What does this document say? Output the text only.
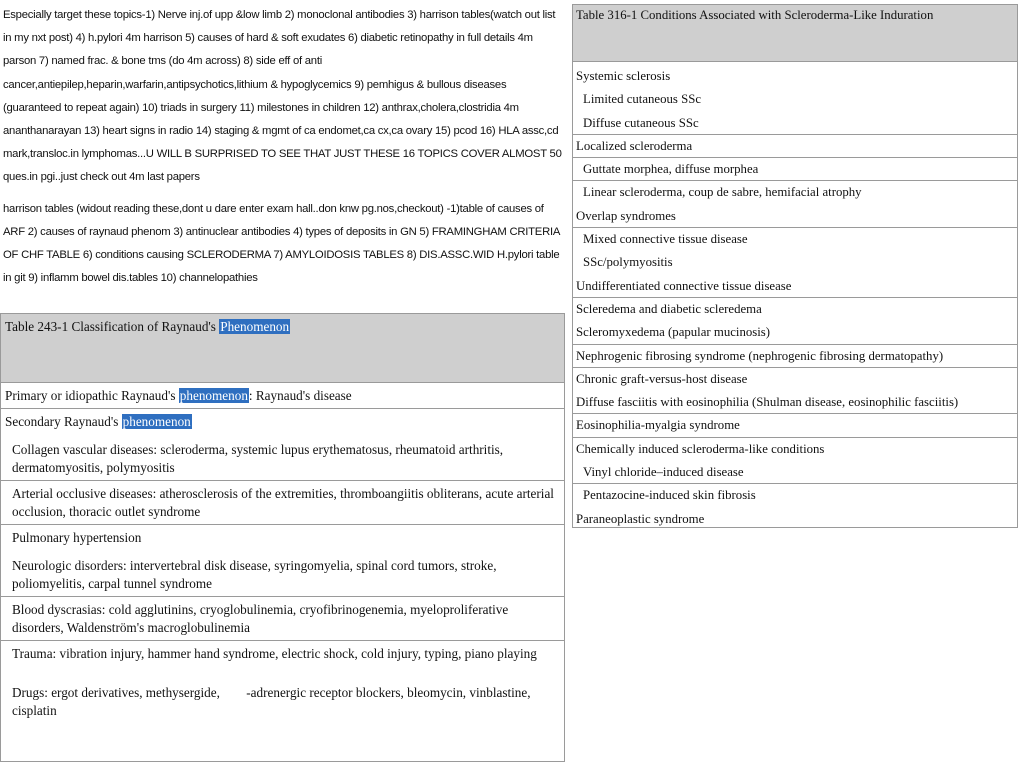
Especially target these topics-1) Nerve inj.of upp &low limb 2) monoclonal antibodies 3) harrison tables(watch out list in my nxt post) 4) h.pylori 4m harrison 5) causes of hard & soft exudates 6) diabetic retinopathy in full details 4m parson 7) named frac. & bone tms (do 4m across) 8) side eff of anti cancer,antiepilep,heparin,warfarin,antipsychotics,lithium & hypoglycemics 9) pemhigus & bullous diseases (guaranteed to repeat again) 10) triads in surgery 11) milestones in children 12) anthrax,cholera,clostridia 4m ananthanarayan 13) heart signs in radio 14) staging & mgmt of ca endomet,ca cx,ca ovary 15) pcod 16) HLA assc,cd mark,transloc.in lymphomas...U WILL B SURPRISED TO SEE THAT JUST THESE 16 TOPICS COVER ALMOST 50 ques.in pgi..just check out 4m last papers

harrison tables (widout reading these,dont u dare enter exam hall..don knw pg.nos,checkout) -1)table of causes of ARF 2) causes of raynaud phenom 3) antinuclear antibodies 4) types of deposits in GN 5) FRAMINGHAM CRITERIA OF CHF TABLE 6) conditions causing SCLERODERMA 7) AMYLOIDOSIS TABLES 8) DIS.ASSC.WID H.pylori table in git 9) inflamm bowel dis.tables 10) channelopathies

Table 243-1 Classification of Raynaud's Phenomenon
Primary or idiopathic Raynaud's phenomenon: Raynaud's disease
Secondary Raynaud's phenomenon
Collagen vascular diseases: scleroderma, systemic lupus erythematosus, rheumatoid arthritis, dermatomyositis, polymyositis
Arterial occlusive diseases: atherosclerosis of the extremities, thromboangiitis obliterans, acute arterial occlusion, thoracic outlet syndrome
Pulmonary hypertension
Neurologic disorders: intervertebral disk disease, syringomyelia, spinal cord tumors, stroke, poliomyelitis, carpal tunnel syndrome
Blood dyscrasias: cold agglutinins, cryoglobulinemia, cryofibrinogenemia, myeloproliferative disorders, Waldenström's macroglobulinemia
Trauma: vibration injury, hammer hand syndrome, electric shock, cold injury, typing, piano playing
Drugs: ergot derivatives, methysergide,        -adrenergic receptor blockers, bleomycin, vinblastine, cisplatin
Table 316-1 Conditions Associated with Scleroderma-Like Induration
Systemic sclerosis
Limited cutaneous SSc
Diffuse cutaneous SSc
Localized scleroderma
Guttate morphea, diffuse morphea
Linear scleroderma, coup de sabre, hemifacial atrophy
Overlap syndromes
Mixed connective tissue disease
SSc/polymyositis
Undifferentiated connective tissue disease
Scleredema and diabetic scleredema
Scleromyxedema (papular mucinosis)
Nephrogenic fibrosing syndrome (nephrogenic fibrosing dermatopathy)
Chronic graft-versus-host disease
Diffuse fasciitis with eosinophilia (Shulman disease, eosinophilic fasciitis)
Eosinophilia-myalgia syndrome
Chemically induced scleroderma-like conditions
Vinyl chloride–induced disease
Pentazocine-induced skin fibrosis
Paraneoplastic syndrome
